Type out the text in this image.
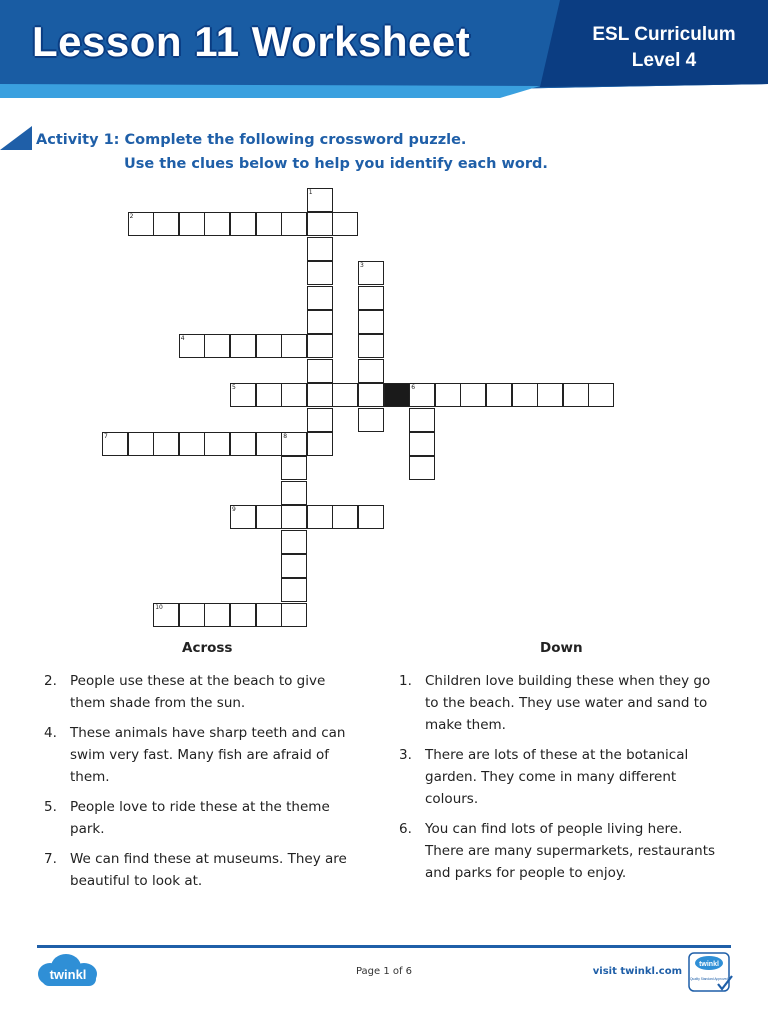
Lesson 11 Worksheet	ESL Curriculum
Level 4
Activity 1: Complete the following crossword puzzle.
Use the clues below to help you identify each word.
1
2
3
4
5	6
7	8
9
10
Across	Down
2. People use these at the beach to give them shade from the sun.
4. These animals have sharp teeth and can swim very fast. Many fish are afraid of them.
5. People love to ride these at the theme park.
7. We can find these at museums. They are beautiful to look at.
1. Children love building these when they go to the beach. They use water and sand to make them.
3. There are lots of these at the botanical garden. They come in many different colours.
6. You can find lots of people living here. There are many supermarkets, restaurants and parks for people to enjoy.
twinkl	Page 1 of 6	visit twinkl.com
twinkl
Quality Standard Approved
